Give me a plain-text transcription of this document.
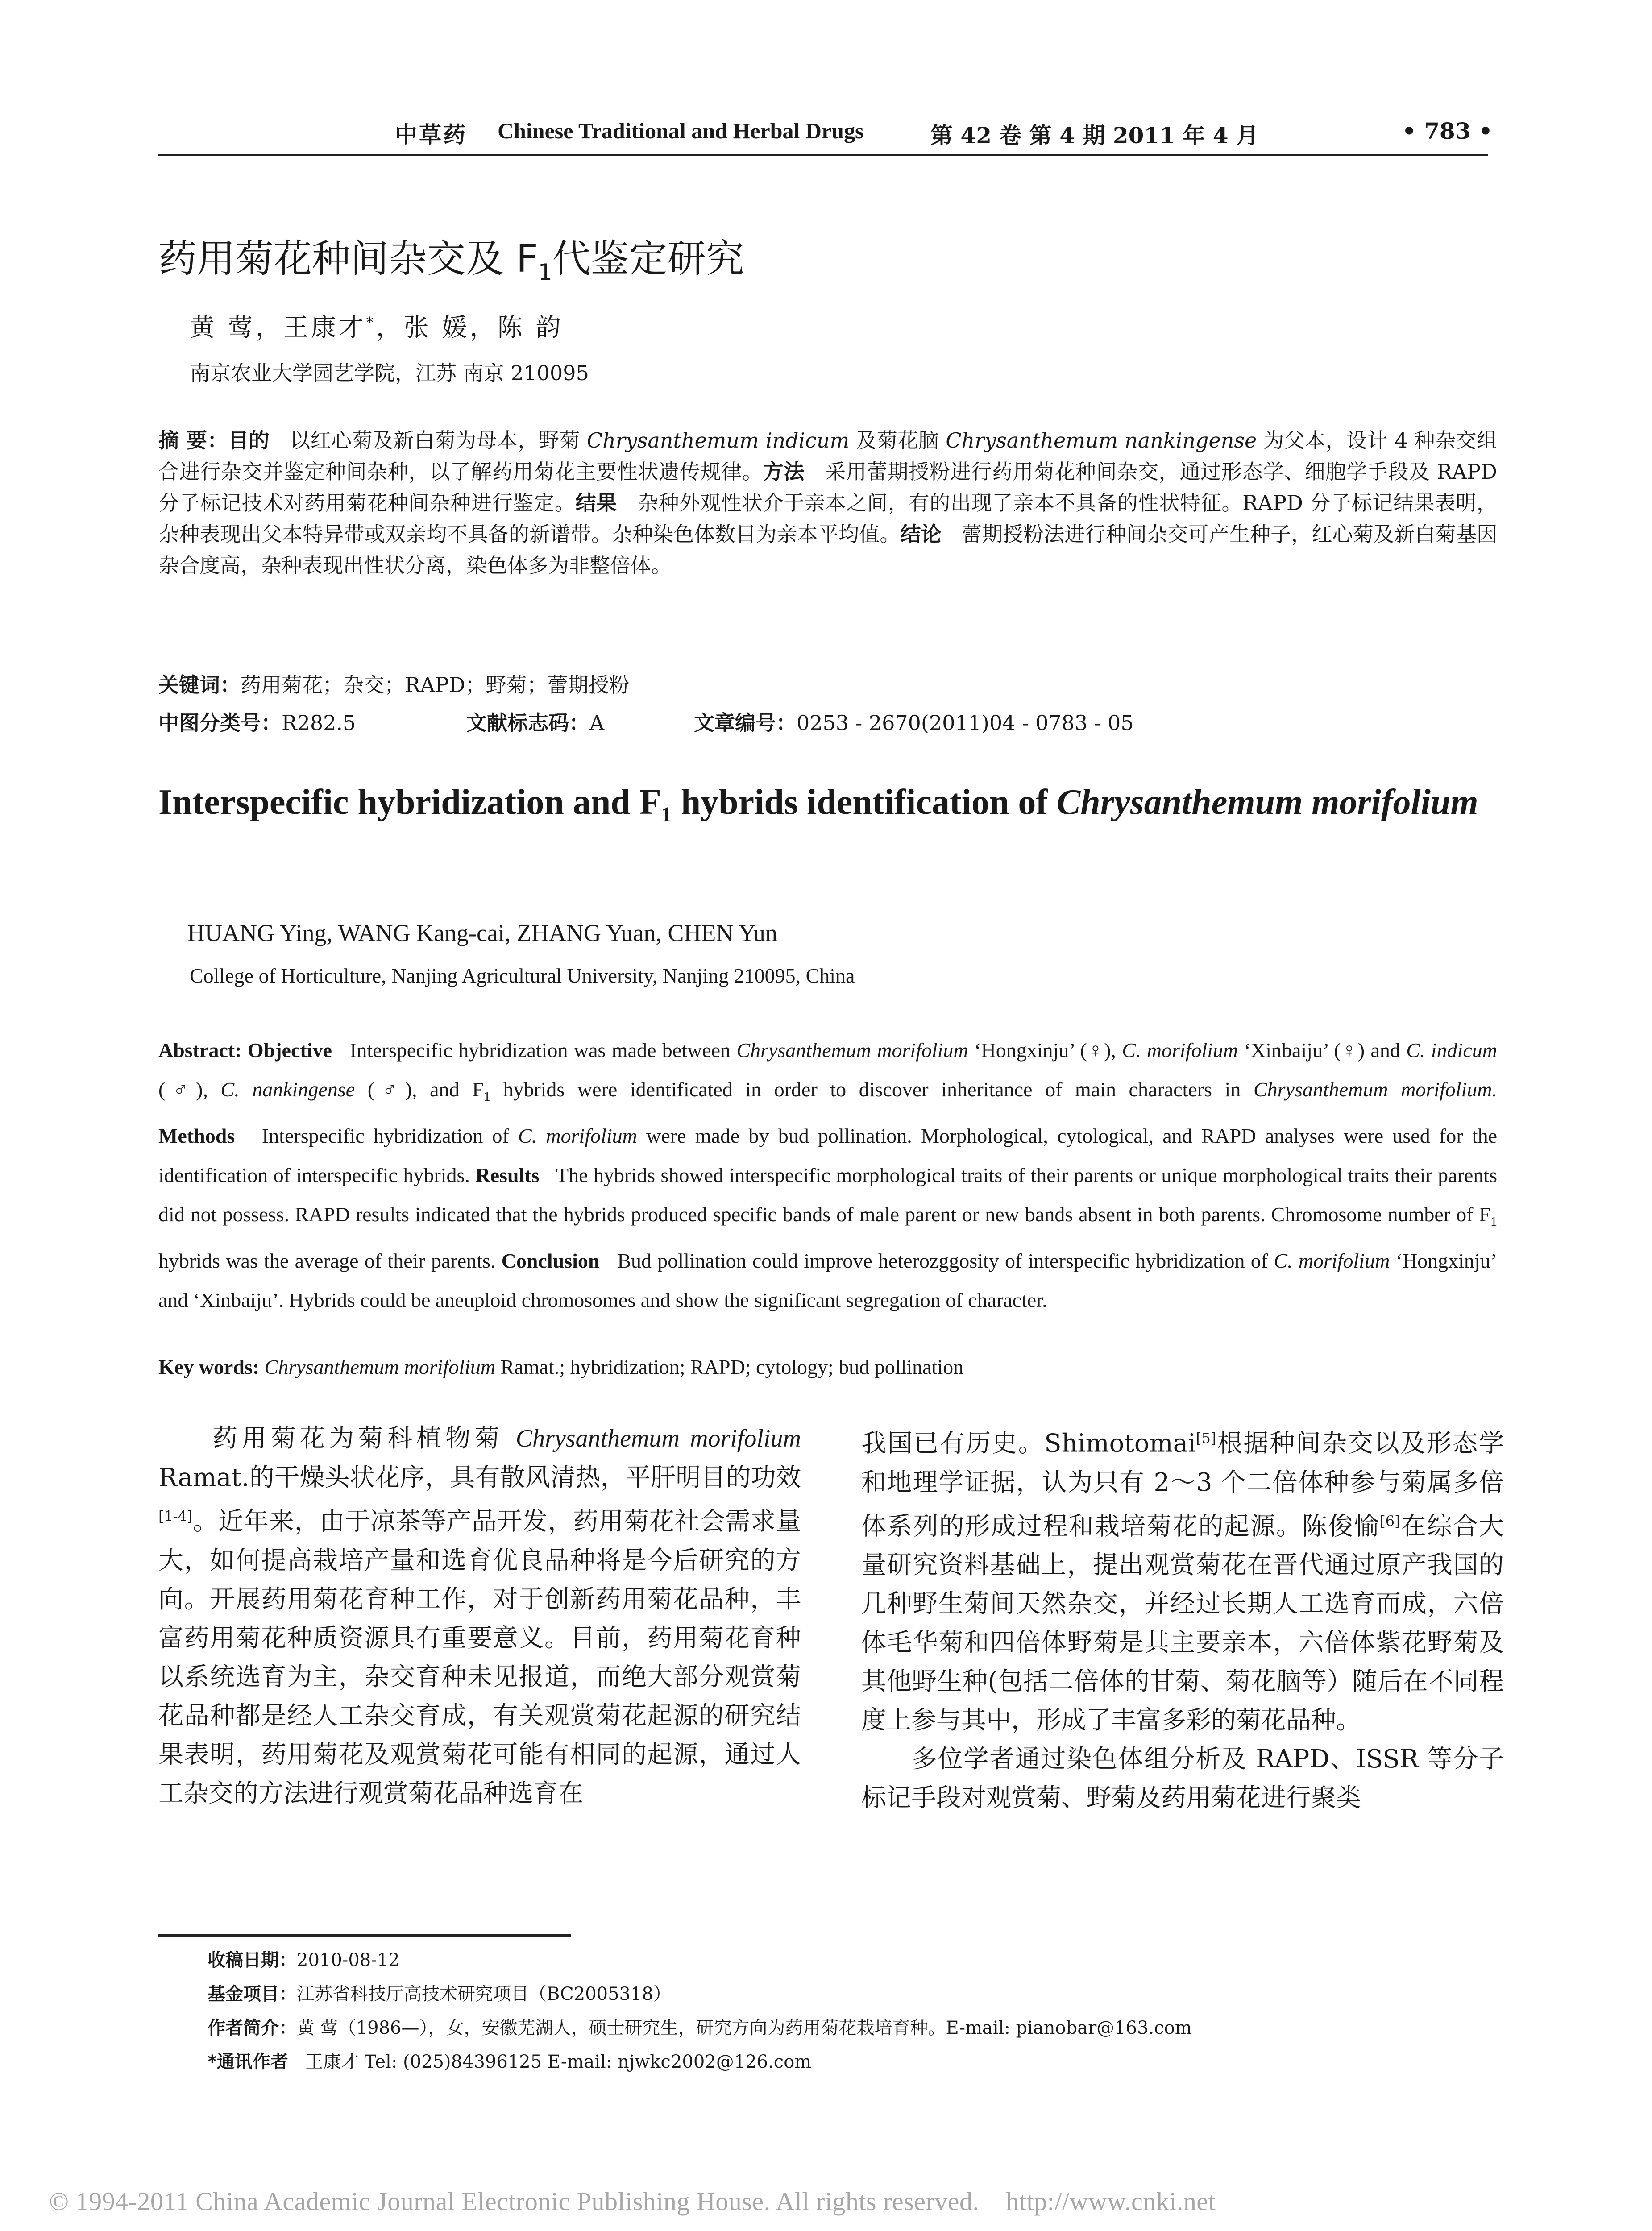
中草药 Chinese Traditional and Herbal Drugs	第 42 卷 第 4 期 2011 年 4 月	• 783 •
药用菊花种间杂交及 $F_1$代鉴定研究
黄 莺，王康才*，张 媛，陈 韵
南京农业大学园艺学院，江苏 南京 210095
摘 要：目的 以红心菊及新白菊为母本，野菊 Chrysanthemum indicum 及菊花脑 Chrysanthemum nankingense 为父本，设计 4 种杂交组合进行杂交并鉴定种间杂种，以了解药用菊花主要性状遗传规律。方法 采用蕾期授粉进行药用菊花种间杂交，通过形态学、细胞学手段及 RAPD 分子标记技术对药用菊花种间杂种进行鉴定。结果 杂种外观性状介于亲本之间，有的出现了亲本不具备的性状特征。RAPD 分子标记结果表明，杂种表现出父本特异带或双亲均不具备的新谱带。杂种染色体数目为亲本平均值。结论 蕾期授粉法进行种间杂交可产生种子，红心菊及新白菊基因杂合度高，杂种表现出性状分离，染色体多为非整倍体。
关键词：药用菊花；杂交；RAPD；野菊；蕾期授粉
中图分类号：R282.5	文献标志码：A	文章编号：0253 - 2670(2011)04 - 0783 - 05
Interspecific hybridization and $F_1$ hybrids identification of Chrysanthemum morifolium
HUANG Ying, WANG Kang-cai, ZHANG Yuan, CHEN Yun
College of Horticulture, Nanjing Agricultural University, Nanjing 210095, China
Abstract: Objective Interspecific hybridization was made between Chrysanthemum morifolium ‘Hongxinju’ (♀), C. morifolium ‘Xinbaiju’ (♀) and C. indicum (♂), C. nankingense (♂), and $F_1$ hybrids were identificated in order to discover inheritance of main characters in Chrysanthemum morifolium. Methods Interspecific hybridization of C. morifolium were made by bud pollination. Morphological, cytological, and RAPD analyses were used for the identification of interspecific hybrids. Results The hybrids showed interspecific morphological traits of their parents or unique morphological traits their parents did not possess. RAPD results indicated that the hybrids produced specific bands of male parent or new bands absent in both parents. Chromosome number of $F_1$ hybrids was the average of their parents. Conclusion Bud pollination could improve heterozggosity of interspecific hybridization of C. morifolium ‘Hongxinju’ and ‘Xinbaiju’. Hybrids could be aneuploid chromosomes and show the significant segregation of character.
Key words: Chrysanthemum morifolium Ramat.; hybridization; RAPD; cytology; bud pollination
  药用菊花为菊科植物菊 Chrysanthemum morifolium Ramat.的干燥头状花序，具有散风清热，平肝明目的功效[1-4]。近年来，由于凉茶等产品开发，药用菊花社会需求量大，如何提高栽培产量和选育优良品种将是今后研究的方向。开展药用菊花育种工作，对于创新药用菊花品种，丰富药用菊花种质资源具有重要意义。目前，药用菊花育种以系统选育为主，杂交育种未见报道，而绝大部分观赏菊花品种都是经人工杂交育成，有关观赏菊花起源的研究结果表明，药用菊花及观赏菊花可能有相同的起源，通过人工杂交的方法进行观赏菊花品种选育在
我国已有历史。Shimotomai[5]根据种间杂交以及形态学和地理学证据，认为只有 2～3 个二倍体种参与菊属多倍体系列的形成过程和栽培菊花的起源。陈俊愉[6]在综合大量研究资料基础上，提出观赏菊花在晋代通过原产我国的几种野生菊间天然杂交，并经过长期人工选育而成，六倍体毛华菊和四倍体野菊是其主要亲本，六倍体紫花野菊及其他野生种(包括二倍体的甘菊、菊花脑等）随后在不同程度上参与其中，形成了丰富多彩的菊花品种。
  多位学者通过染色体组分析及 RAPD、ISSR 等分子标记手段对观赏菊、野菊及药用菊花进行聚类
收稿日期：2010-08-12
基金项目：江苏省科技厅高技术研究项目（BC2005318）
作者简介：黄 莺（1986—），女，安徽芜湖人，硕士研究生，研究方向为药用菊花栽培育种。E-mail: pianobar@163.com
*通讯作者 王康才 Tel: (025)84396125 E-mail: njwkc2002@126.com
© 1994-2011 China Academic Journal Electronic Publishing House. All rights reserved.    http://www.cnki.net
